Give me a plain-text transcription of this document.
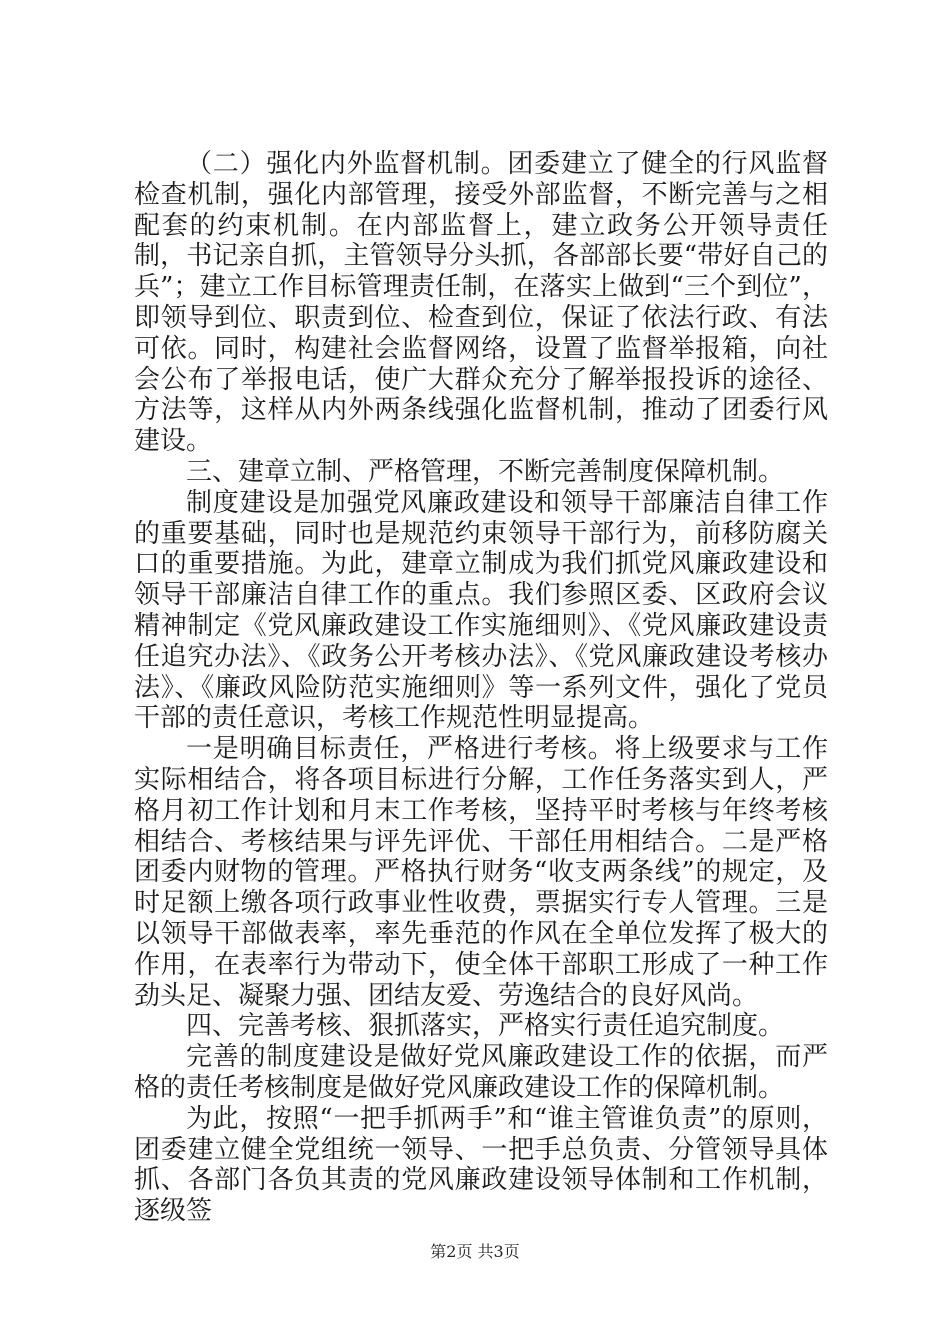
（二）强化内外监督机制。团委建立了健全的行风监督检查机制，强化内部管理，接受外部监督，不断完善与之相配套的约束机制。在内部监督上，建立政务公开领导责任制，书记亲自抓，主管领导分头抓，各部部长要“带好自己的兵”；建立工作目标管理责任制，在落实上做到“三个到位”，即领导到位、职责到位、检查到位，保证了依法行政、有法可依。同时，构建社会监督网络，设置了监督举报箱，向社会公布了举报电话，使广大群众充分了解举报投诉的途径、方法等，这样从内外两条线强化监督机制，推动了团委行风建设。

三、建章立制、严格管理，不断完善制度保障机制。

制度建设是加强党风廉政建设和领导干部廉洁自律工作的重要基础，同时也是规范约束领导干部行为，前移防腐关口的重要措施。为此，建章立制成为我们抓党风廉政建设和领导干部廉洁自律工作的重点。我们参照区委、区政府会议精神制定《党风廉政建设工作实施细则》、《党风廉政建设责任追究办法》、《政务公开考核办法》、《党风廉政建设考核办法》、《廉政风险防范实施细则》等一系列文件，强化了党员干部的责任意识，考核工作规范性明显提高。

一是明确目标责任，严格进行考核。将上级要求与工作实际相结合，将各项目标进行分解，工作任务落实到人，严格月初工作计划和月末工作考核，坚持平时考核与年终考核相结合、考核结果与评先评优、干部任用相结合。二是严格团委内财物的管理。严格执行财务“收支两条线”的规定，及时足额上缴各项行政事业性收费，票据实行专人管理。三是以领导干部做表率，率先垂范的作风在全单位发挥了极大的作用，在表率行为带动下，使全体干部职工形成了一种工作劲头足、凝聚力强、团结友爱、劳逸结合的良好风尚。

四、完善考核、狠抓落实，严格实行责任追究制度。

完善的制度建设是做好党风廉政建设工作的依据，而严格的责任考核制度是做好党风廉政建设工作的保障机制。

为此，按照“一把手抓两手”和“谁主管谁负责”的原则，团委建立健全党组统一领导、一把手总负责、分管领导具体抓、各部门各负其责的党风廉政建设领导体制和工作机制，逐级签

第2页 共3页
